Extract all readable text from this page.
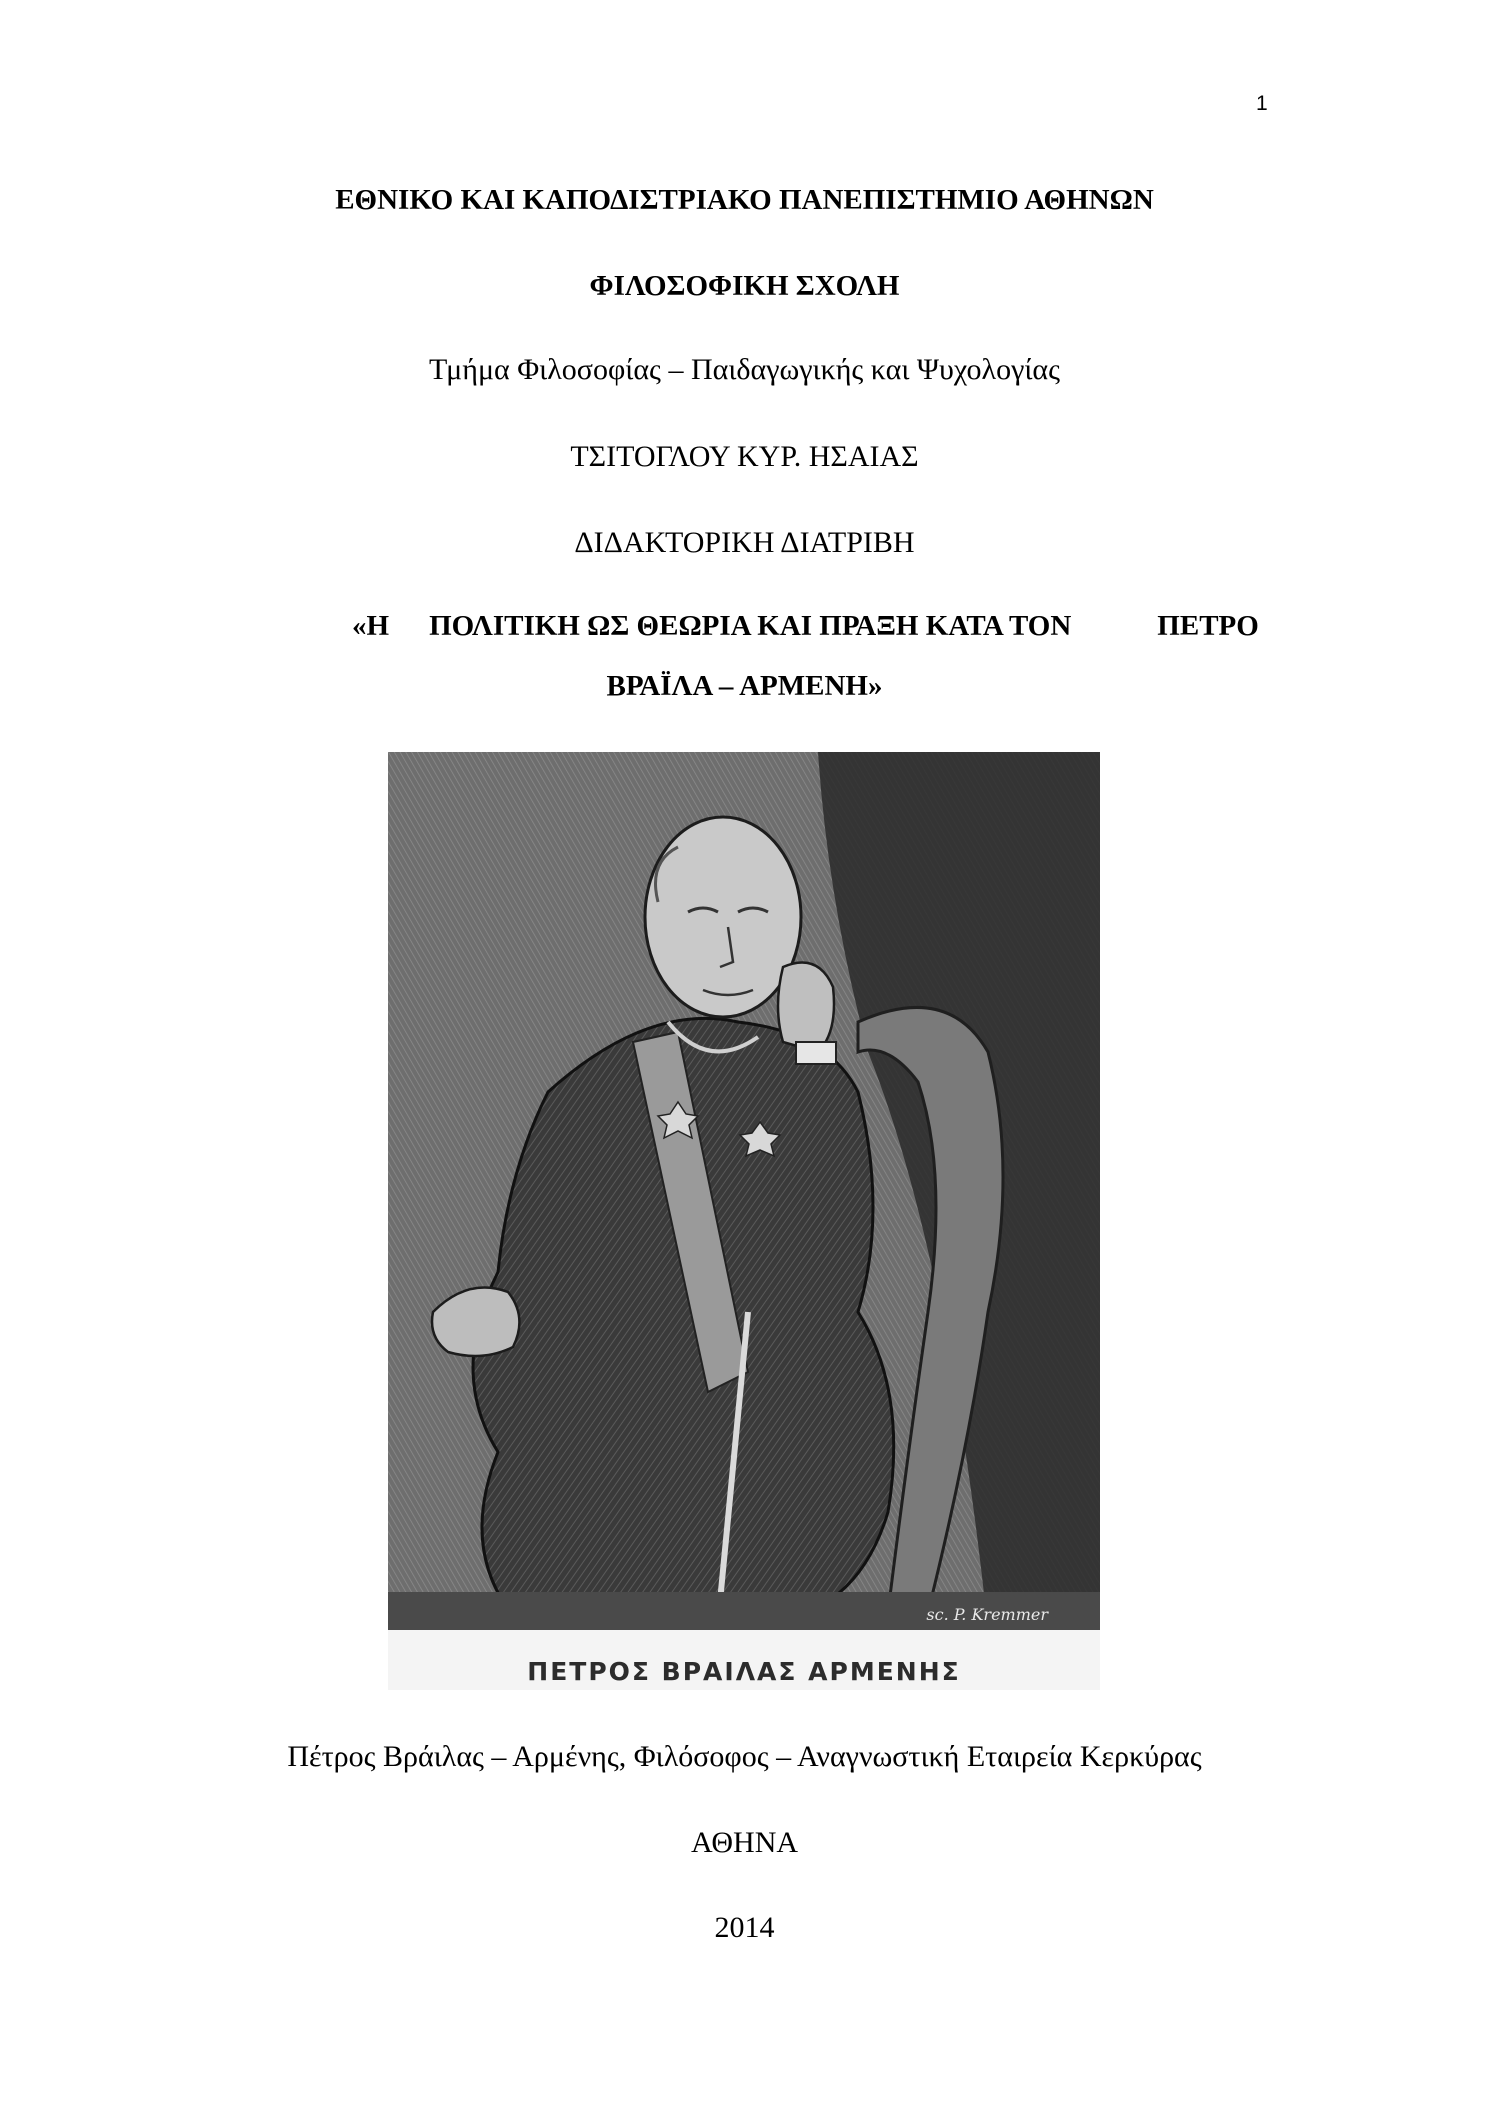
1
ΕΘΝΙΚΟ ΚΑΙ ΚΑΠΟΔΙΣΤΡΙΑΚΟ ΠΑΝΕΠΙΣΤΗΜΙΟ ΑΘΗΝΩΝ
ΦΙΛΟΣΟΦΙΚΗ ΣΧΟΛΗ
Τμήμα Φιλοσοφίας – Παιδαγωγικής και Ψυχολογίας
ΤΣΙΤΟΓΛΟΥ ΚΥΡ. ΗΣΑΙΑΣ
ΔΙΔΑΚΤΟΡΙΚΗ ΔΙΑΤΡΙΒΗ
«Η ΠΟΛΙΤΙΚΗ ΩΣ ΘΕΩΡΙΑ ΚΑΙ ΠΡΑΞΗ ΚΑΤΑ ΤΟΝ	ΠΕΤΡΟ
ΒΡΑΪΛΑ – ΑΡΜΕΝΗ»
sc. P. Kremmer
ΠΕΤΡΟΣ ΒΡΑΙΛΑΣ ΑΡΜΕΝΗΣ
Πέτρος Βράιλας – Αρμένης, Φιλόσοφος – Αναγνωστική Εταιρεία Κερκύρας
ΑΘΗΝΑ
2014
